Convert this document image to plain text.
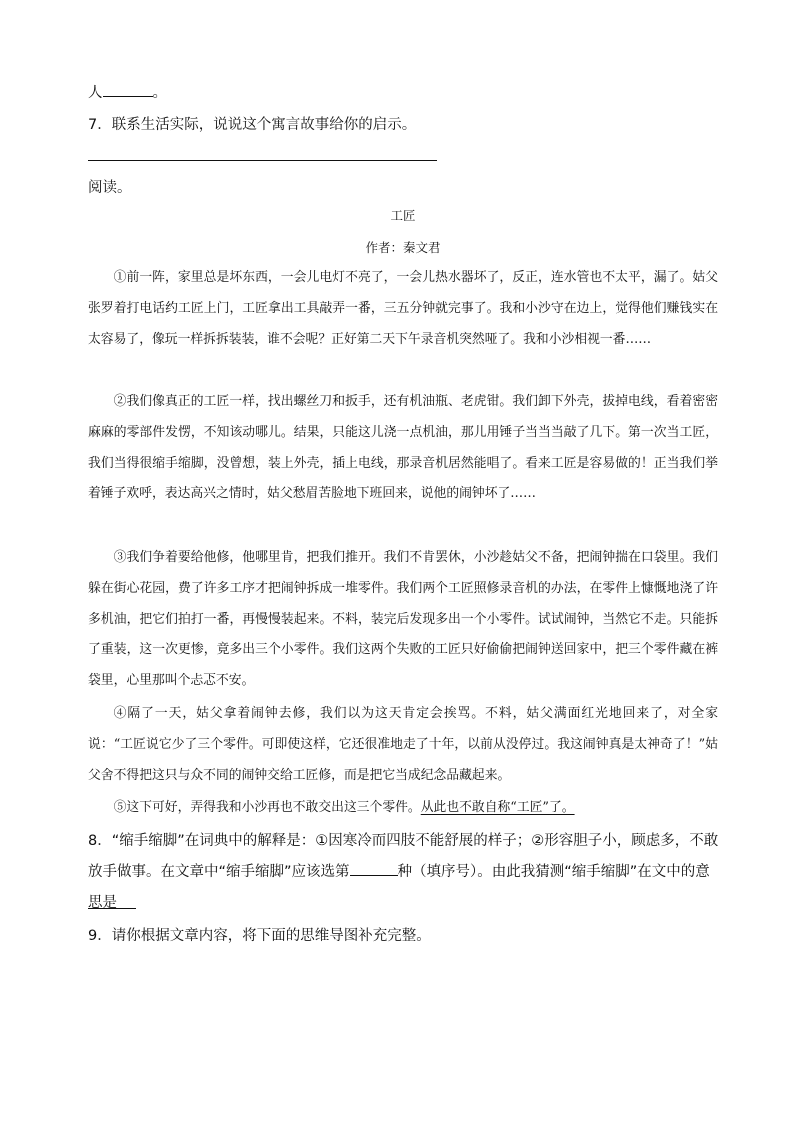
人	。
7．联系生活实际，说说这个寓言故事给你的启示。
阅读。
工匠
作者：秦文君

①前一阵，家里总是坏东西，一会儿电灯不亮了，一会儿热水器坏了，反正，连水管也不太平，漏了。姑父张罗着打电话约工匠上门，工匠拿出工具敲弄一番，三五分钟就完事了。我和小沙守在边上，觉得他们赚钱实在太容易了，像玩一样拆拆装装，谁不会呢？正好第二天下午录音机突然哑了。我和小沙相视一番……

②我们像真正的工匠一样，找出螺丝刀和扳手，还有机油瓶、老虎钳。我们卸下外壳，拔掉电线，看着密密麻麻的零部件发愣，不知该动哪儿。结果，只能这儿浇一点机油，那儿用锤子当当当敲了几下。第一次当工匠，我们当得很缩手缩脚，没曾想，装上外壳，插上电线，那录音机居然能唱了。看来工匠是容易做的！正当我们挙着锤子欢呼，表达高兴之情时，姑父愁眉苦脸地下班回来，说他的闹钟坏了……

③我们争着要给他修，他哪里肯，把我们推开。我们不肯罢休，小沙趁姑父不备，把闹钟揣在口袋里。我们躲在街心花园，费了许多工序才把闹钟拆成一堆零件。我们两个工匠照修录音机的办法，在零件上慷慨地浇了许多机油，把它们拍打一番，再慢慢装起来。不料，装完后发现多出一个小零件。试试闹钟，当然它不走。只能拆了重装，这一次更惨，竟多出三个小零件。我们这两个失败的工匠只好偷偷把闹钟送回家中，把三个零件藏在裤袋里，心里那叫个忐忑不安。

④隔了一天，姑父拿着闹钟去修，我们以为这天肯定会挨骂。不料，姑父满面红光地回来了，对全家说：“工匠说它少了三个零件。可即使这样，它还很准地走了十年，以前从没停过。我这闹钟真是太神奇了！”姑父舍不得把这只与众不同的闹钟交给工匠修，而是把它当成纪念品藏起来。

⑤这下可好，弄得我和小沙再也不敢交出这三个零件。从此也不敢自称“工匠”了。

8．“缩手缩脚”在词典中的解释是：①因寒冷而四肢不能舒展的样子；②形容胆子小，顾虑多，不敢放手做事。在文章中“缩手缩脚”应该选第	种（填序号）。由此我猜测“缩手缩脚”在文中的意思是

9．请你根据文章内容，将下面的思维导图补充完整。
